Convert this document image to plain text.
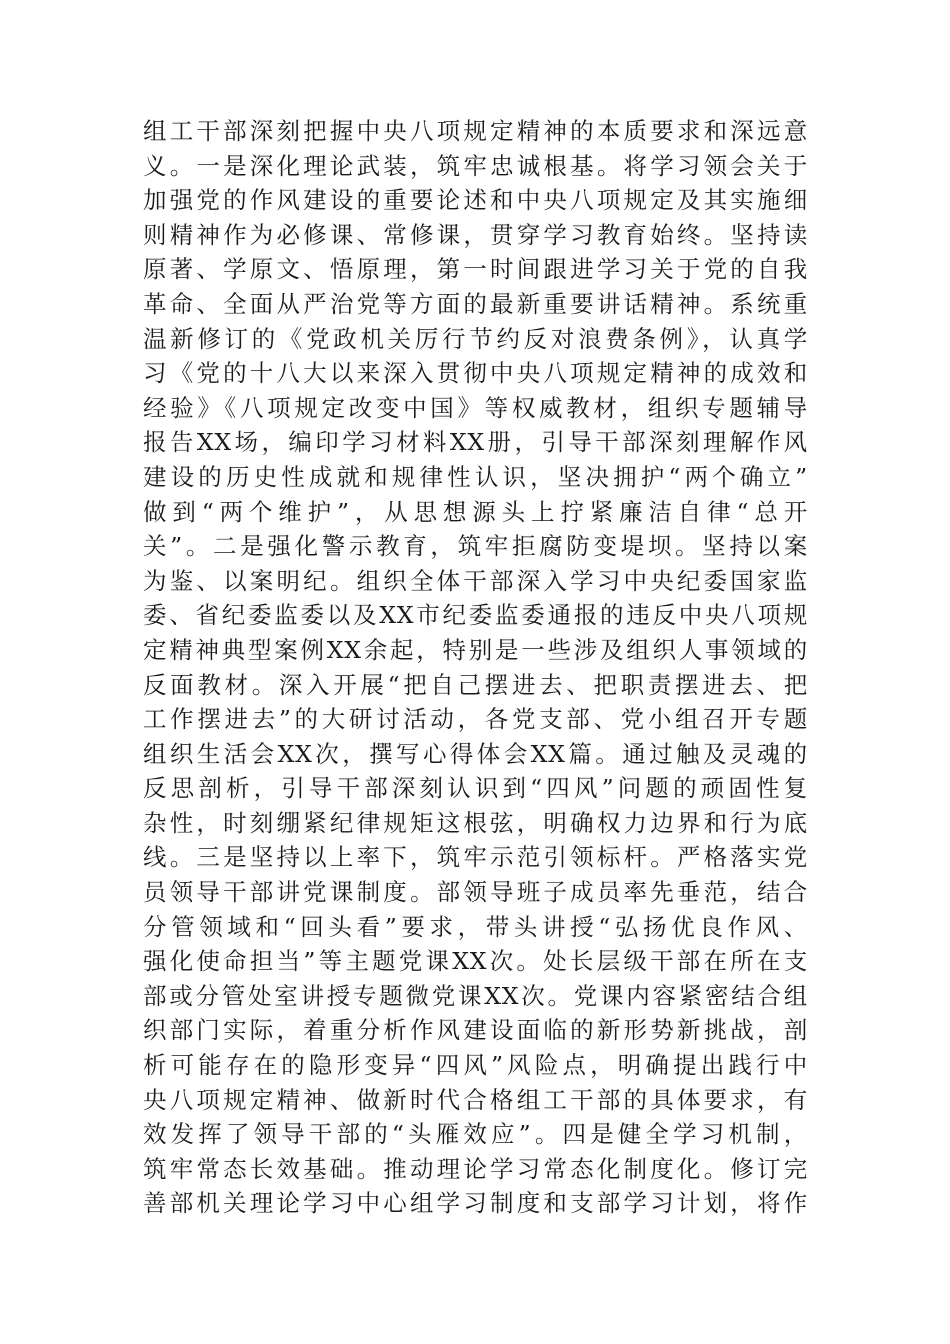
组工干部深刻把握中央八项规定精神的本质要求和深远意
义。一是深化理论武装，筑牢忠诚根基。将学习领会关于
加强党的作风建设的重要论述和中央八项规定及其实施细
则精神作为必修课、常修课，贯穿学习教育始终。坚持读
原著、学原文、悟原理，第一时间跟进学习关于党的自我
革命、全面从严治党等方面的最新重要讲话精神。系统重
温新修订的《党政机关厉行节约反对浪费条例》，认真学
习《党的十八大以来深入贯彻中央八项规定精神的成效和
经验》《八项规定改变中国》等权威教材，组织专题辅导
报告XX场，编印学习材料XX册，引导干部深刻理解作风
建设的历史性成就和规律性认识，坚决拥护“两个确立”
做到“两个维护”，从思想源头上拧紧廉洁自律“总开
关”。二是强化警示教育，筑牢拒腐防变堤坝。坚持以案
为鉴、以案明纪。组织全体干部深入学习中央纪委国家监
委、省纪委监委以及XX市纪委监委通报的违反中央八项规
定精神典型案例XX余起，特别是一些涉及组织人事领域的
反面教材。深入开展“把自己摆进去、把职责摆进去、把
工作摆进去”的大研讨活动，各党支部、党小组召开专题
组织生活会XX次，撰写心得体会XX篇。通过触及灵魂的
反思剖析，引导干部深刻认识到“四风”问题的顽固性复
杂性，时刻绷紧纪律规矩这根弦，明确权力边界和行为底
线。三是坚持以上率下，筑牢示范引领标杆。严格落实党
员领导干部讲党课制度。部领导班子成员率先垂范，结合
分管领域和“回头看”要求，带头讲授“弘扬优良作风、
强化使命担当”等主题党课XX次。处长层级干部在所在支
部或分管处室讲授专题微党课XX次。党课内容紧密结合组
织部门实际，着重分析作风建设面临的新形势新挑战，剖
析可能存在的隐形变异“四风”风险点，明确提出践行中
央八项规定精神、做新时代合格组工干部的具体要求，有
效发挥了领导干部的“头雁效应”。四是健全学习机制，
筑牢常态长效基础。推动理论学习常态化制度化。修订完
善部机关理论学习中心组学习制度和支部学习计划，将作
